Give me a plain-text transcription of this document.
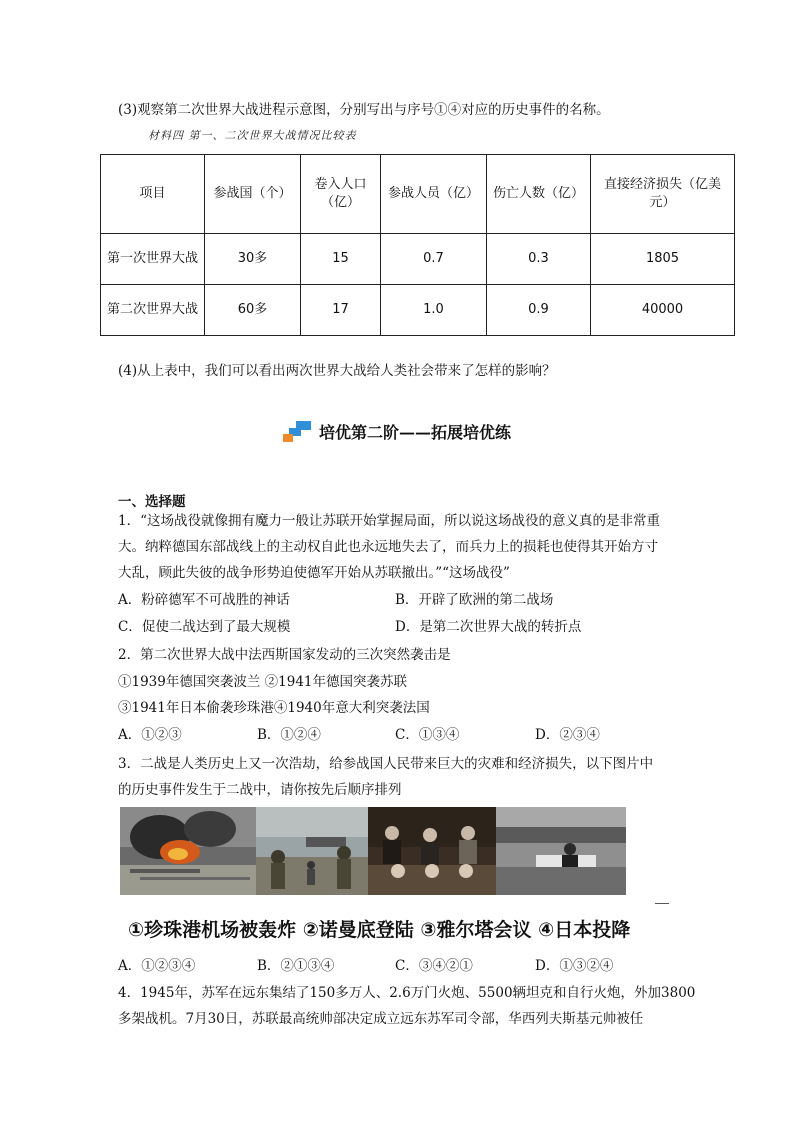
(3)观察第二次世界大战进程示意图，分别写出与序号①④对应的历史事件的名称。
材料四 第一、二次世界大战情况比较表
项目	参战国（个）	卷入人口（亿）	参战人员（亿）	伤亡人数（亿）	直接经济损失（亿美元）
第一次世界大战	30多	15	0.7	0.3	1805
第二次世界大战	60多	17	1.0	0.9	40000
(4)从上表中，我们可以看出两次世界大战给人类社会带来了怎样的影响？
培优第二阶——拓展培优练
一、选择题
1．“这场战役就像拥有魔力一般让苏联开始掌握局面，所以说这场战役的意义真的是非常重
大。纳粹德国东部战线上的主动权自此也永远地失去了，而兵力上的损耗也使得其开始方寸
大乱，顾此失彼的战争形势迫使德军开始从苏联撤出。”“这场战役”
A．粉碎德军不可战胜的神话	B．开辟了欧洲的第二战场
C．促使二战达到了最大规模	D．是第二次世界大战的转折点
2．第二次世界大战中法西斯国家发动的三次突然袭击是
①1939年德国突袭波兰 ②1941年德国突袭苏联
③1941年日本偷袭珍珠港④1940年意大利突袭法国
A．①②③	B．①②④	C．①③④	D．②③④
3．二战是人类历史上又一次浩劫，给参战国人民带来巨大的灾难和经济损失，以下图片中
的历史事件发生于二战中，请你按先后顺序排列
①珍珠港机场被轰炸 ②诺曼底登陆 ③雅尔塔会议 ④日本投降
A．①②③④	B．②①③④	C．③④②①	D．①③②④
4．1945年，苏军在远东集结了150多万人、2.6万门火炮、5500辆坦克和自行火炮，外加3800
多架战机。7月30日，苏联最高统帅部决定成立远东苏军司令部，华西列夫斯基元帅被任
